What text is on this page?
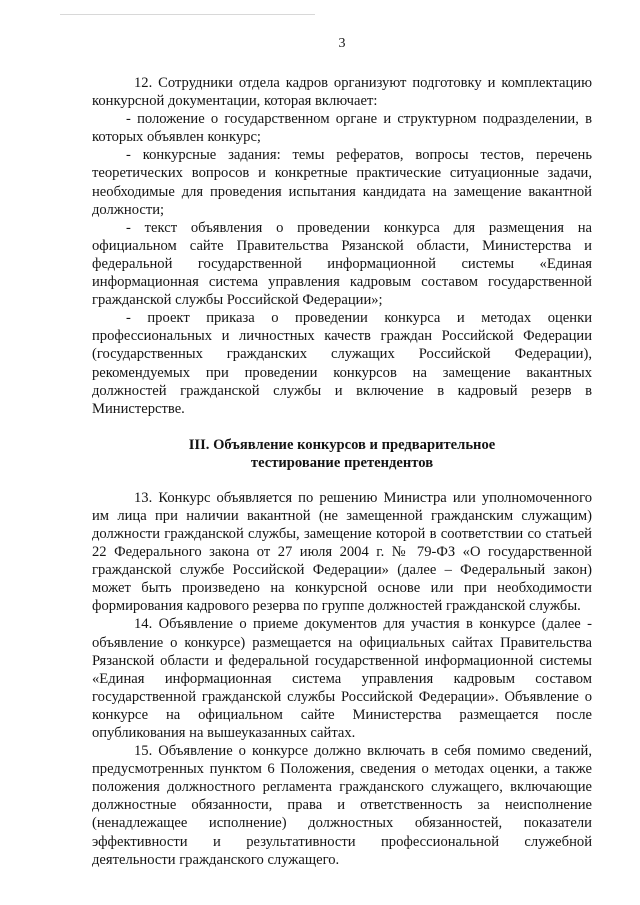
3

12. Сотрудники отдела кадров организуют подготовку и комплектацию конкурсной документации, которая включает:

- положение о государственном органе и структурном подразделении, в которых объявлен конкурс;

- конкурсные задания: темы рефератов, вопросы тестов, перечень теоретических вопросов и конкретные практические ситуационные задачи, необходимые для проведения испытания кандидата на замещение вакантной должности;

- текст объявления о проведении конкурса для размещения на официальном сайте Правительства Рязанской области, Министерства и федеральной государственной информационной системы «Единая информационная система управления кадровым составом государственной гражданской службы Российской Федерации»;

- проект приказа о проведении конкурса и методах оценки профессиональных и личностных качеств граждан Российской Федерации (государственных гражданских служащих Российской Федерации), рекомендуемых при проведении конкурсов на замещение вакантных должностей гражданской службы и включение в кадровый резерв в Министерстве.

III. Объявление конкурсов и предварительное
тестирование претендентов

13. Конкурс объявляется по решению Министра или уполномоченного им лица при наличии вакантной (не замещенной гражданским служащим) должности гражданской службы, замещение которой в соответствии со статьей 22 Федерального закона от 27 июля 2004 г. № 79-ФЗ «О государственной гражданской службе Российской Федерации» (далее – Федеральный закон) может быть произведено на конкурсной основе или при необходимости формирования кадрового резерва по группе должностей гражданской службы.

14. Объявление о приеме документов для участия в конкурсе (далее - объявление о конкурсе) размещается на официальных сайтах Правительства Рязанской области и федеральной государственной информационной системы «Единая информационная система управления кадровым составом государственной гражданской службы Российской Федерации». Объявление о конкурсе на официальном сайте Министерства размещается после опубликования на вышеуказанных сайтах.

15. Объявление о конкурсе должно включать в себя помимо сведений, предусмотренных пунктом 6 Положения, сведения о методах оценки, а также положения должностного регламента гражданского служащего, включающие должностные обязанности, права и ответственность за неисполнение (ненадлежащее исполнение) должностных обязанностей, показатели эффективности и результативности профессиональной служебной деятельности гражданского служащего.
